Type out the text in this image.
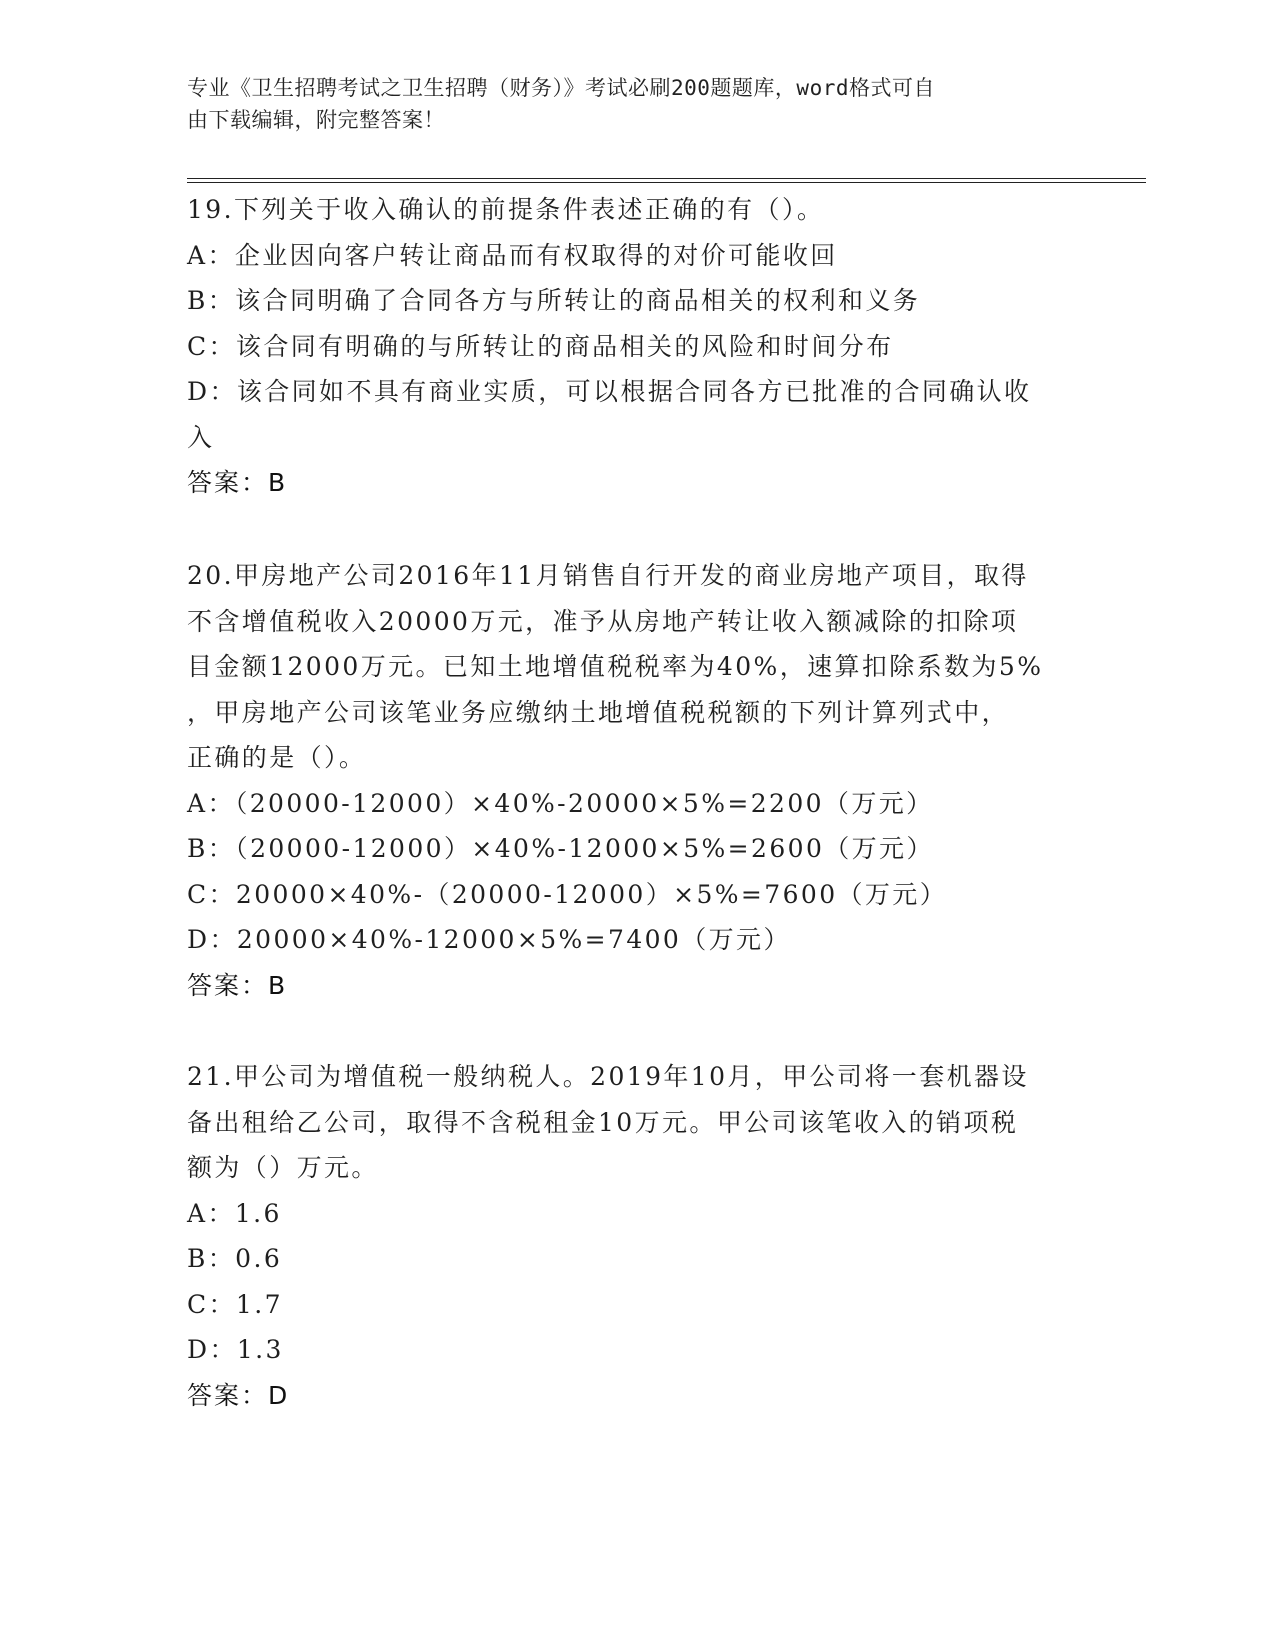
专业《卫生招聘考试之卫生招聘（财务）》考试必刷200题题库，word格式可自
由下载编辑，附完整答案！
19.下列关于收入确认的前提条件表述正确的有（）。
A：企业因向客户转让商品而有权取得的对价可能收回
B：该合同明确了合同各方与所转让的商品相关的权利和义务
C：该合同有明确的与所转让的商品相关的风险和时间分布
D：该合同如不具有商业实质，可以根据合同各方已批准的合同确认收
入
答案：B
20.甲房地产公司2016年11月销售自行开发的商业房地产项目，取得
不含增值税收入20000万元，准予从房地产转让收入额减除的扣除项
目金额12000万元。已知土地增值税税率为40%，速算扣除系数为5%
，甲房地产公司该笔业务应缴纳土地增值税税额的下列计算列式中，
正确的是（）。
A：（20000-12000）×40%-20000×5%=2200（万元）
B：（20000-12000）×40%-12000×5%=2600（万元）
C：20000×40%-（20000-12000）×5%=7600（万元）
D：20000×40%-12000×5%=7400（万元）
答案：B
21.甲公司为增值税一般纳税人。2019年10月，甲公司将一套机器设
备出租给乙公司，取得不含税租金10万元。甲公司该笔收入的销项税
额为（）万元。
A：1.6
B：0.6
C：1.7
D：1.3
答案：D
